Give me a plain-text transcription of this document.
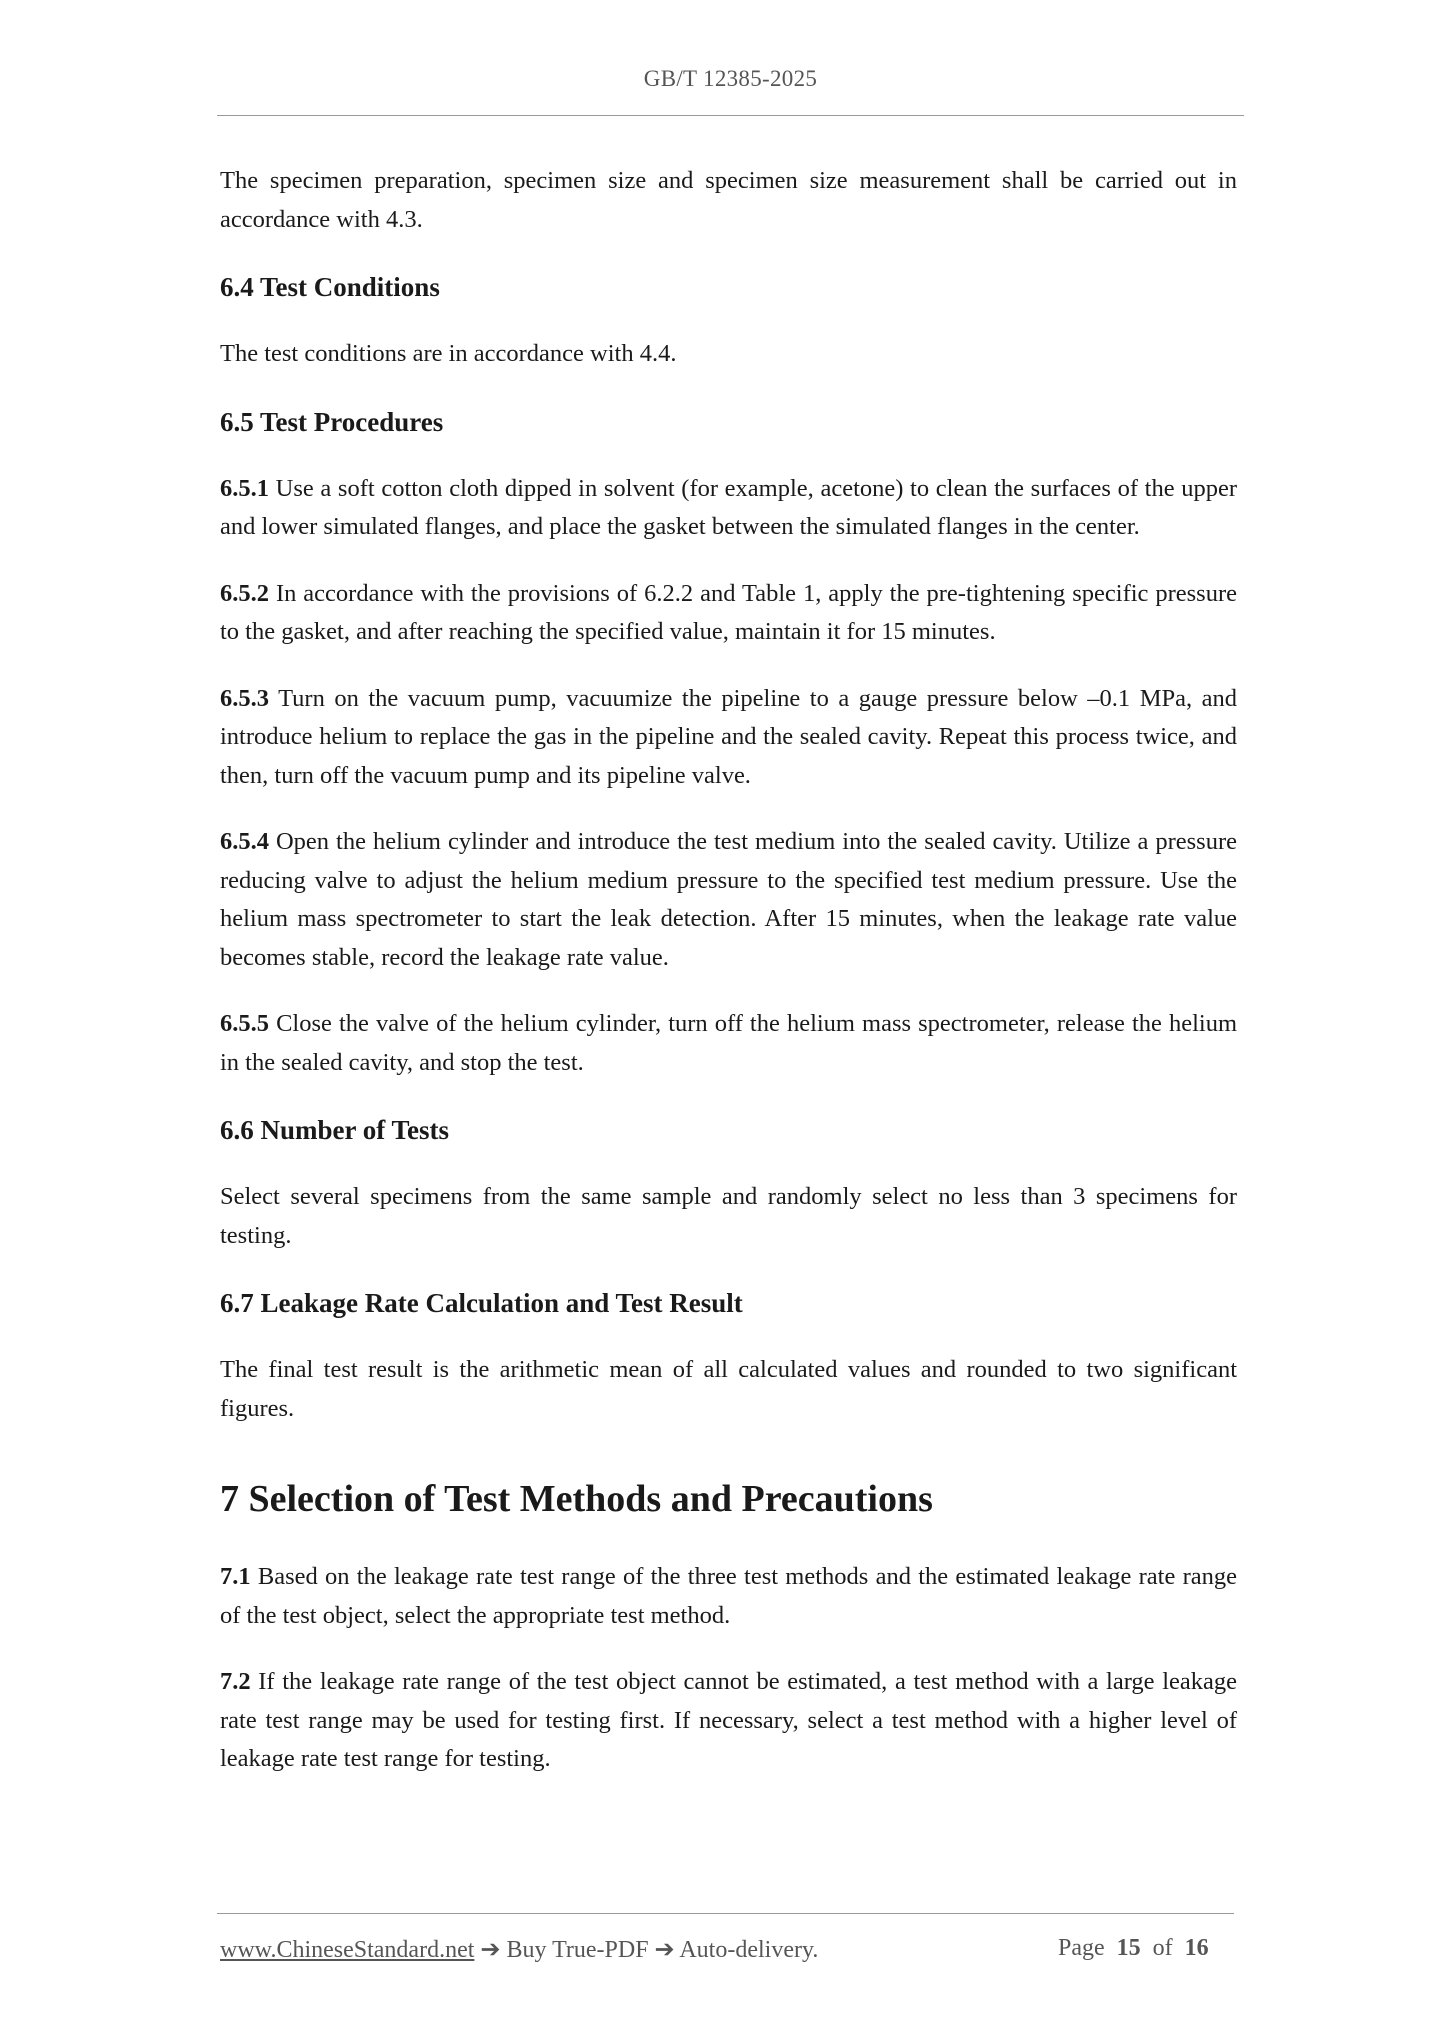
GB/T 12385-2025

The specimen preparation, specimen size and specimen size measurement shall be carried out in accordance with 4.3.

6.4 Test Conditions

The test conditions are in accordance with 4.4.

6.5 Test Procedures

6.5.1 Use a soft cotton cloth dipped in solvent (for example, acetone) to clean the surfaces of the upper and lower simulated flanges, and place the gasket between the simulated flanges in the center.

6.5.2 In accordance with the provisions of 6.2.2 and Table 1, apply the pre-tightening specific pressure to the gasket, and after reaching the specified value, maintain it for 15 minutes.

6.5.3 Turn on the vacuum pump, vacuumize the pipeline to a gauge pressure below –0.1 MPa, and introduce helium to replace the gas in the pipeline and the sealed cavity. Repeat this process twice, and then, turn off the vacuum pump and its pipeline valve.

6.5.4 Open the helium cylinder and introduce the test medium into the sealed cavity. Utilize a pressure reducing valve to adjust the helium medium pressure to the specified test medium pressure. Use the helium mass spectrometer to start the leak detection. After 15 minutes, when the leakage rate value becomes stable, record the leakage rate value.

6.5.5 Close the valve of the helium cylinder, turn off the helium mass spectrometer, release the helium in the sealed cavity, and stop the test.

6.6 Number of Tests

Select several specimens from the same sample and randomly select no less than 3 specimens for testing.

6.7 Leakage Rate Calculation and Test Result

The final test result is the arithmetic mean of all calculated values and rounded to two significant figures.

7 Selection of Test Methods and Precautions

7.1 Based on the leakage rate test range of the three test methods and the estimated leakage rate range of the test object, select the appropriate test method.

7.2 If the leakage rate range of the test object cannot be estimated, a test method with a large leakage rate test range may be used for testing first. If necessary, select a test method with a higher level of leakage rate test range for testing.

www.ChineseStandard.net ➔ Buy True-PDF ➔ Auto-delivery.	Page 15 of 16
